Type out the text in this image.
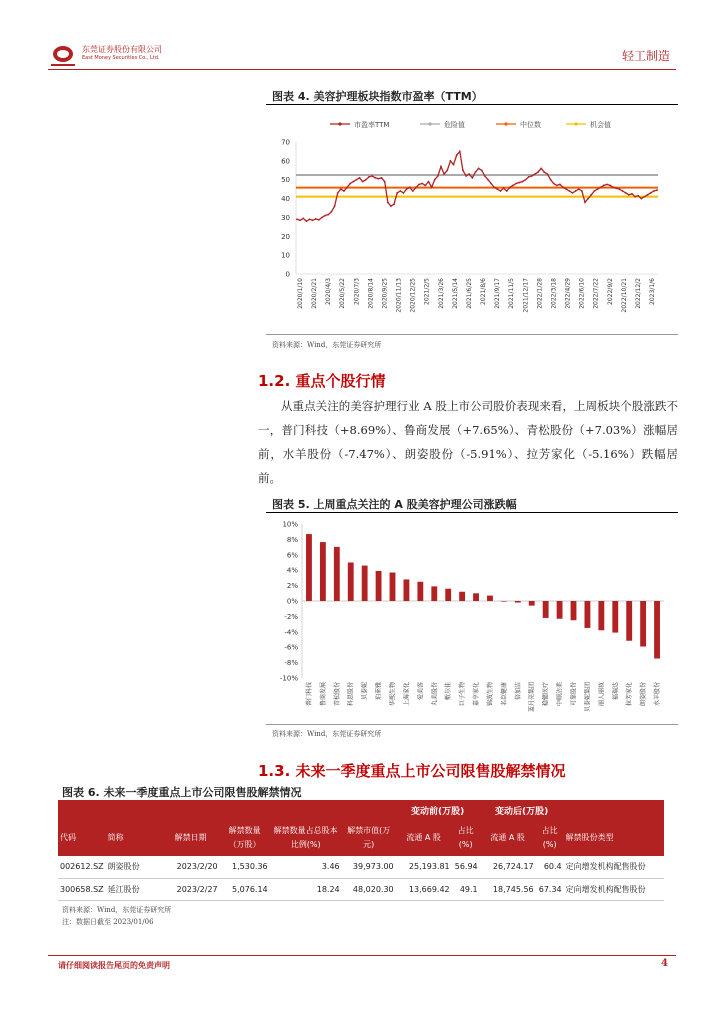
东莞证券股份有限公司
East Money Securities Co., Ltd.	轻工制造
图表 4. 美容护理板块指数市盈率（TTM）
市盈率TTM	危险值	中位数	机会值
0
10
20
30
40
50
60
70
2020/1/10 2020/2/21 2020/4/3 2020/5/22 2020/7/3 2020/8/14 2020/9/25 2020/11/13 2020/12/25 2021/2/5 2021/3/26 2021/5/14 2021/6/25 2021/8/6 2021/9/17 2021/11/5 2021/12/17 2022/1/28 2022/3/18 2022/4/29 2022/6/10 2022/7/22 2022/9/2 2022/10/21 2022/12/2 2023/1/6
资料来源：Wind，东莞证券研究所
1.2. 重点个股行情
从重点关注的美容护理行业 A 股上市公司股价表现来看，上周板块个股涨跌不一，普门科技（+8.69%）、鲁商发展（+7.65%）、青松股份（+7.03%）涨幅居前，水羊股份（-7.47%）、朗姿股份（-5.91%）、拉芳家化（-5.16%）跌幅居前。
图表 5. 上周重点关注的 A 股美容护理公司涨跌幅
-10%
-8%
-6%
-4%
-2%
0%
2%
4%
6%
8%
10%
普门科技 鲁商发展 青松股份 科思股份 贝泰妮 珀莱雅 华熙生物 上海家化 爱美客 丸美股份 敷尔佳 巨子生物 嘉亨家化 锦波生物 名臣健康 倍加洁 蓝月亮集团 稳健医疗 中顺洁柔 可靠股份 贝泰妮集团 丽人丽妆 福瑞达 拉芳家化 朗姿股份 水羊股份
资料来源：Wind，东莞证券研究所
1.3. 未来一季度重点上市公司限售股解禁情况
图表 6. 未来一季度重点上市公司限售股解禁情况
						变动前(万股)		变动后(万股)		
代码	简称	解禁日期	解禁数量（万股）	解禁数量占总股本比例(%)	解禁市值(万元)	流通 A 股	占比(%)	流通 A 股	占比(%)	解禁股份类型
002612.SZ	朗姿股份	2023/2/20	1,530.36	3.46	39,973.00	25,193.81	56.94	26,724.17	60.4	定向增发机构配售股份
300658.SZ	延江股份	2023/2/27	5,076.14	18.24	48,020.30	13,669.42	49.1	18,745.56	67.34	定向增发机构配售股份
资料来源：Wind，东莞证券研究所
注：数据日截至 2023/01/06
请仔细阅读报告尾页的免责声明	4
